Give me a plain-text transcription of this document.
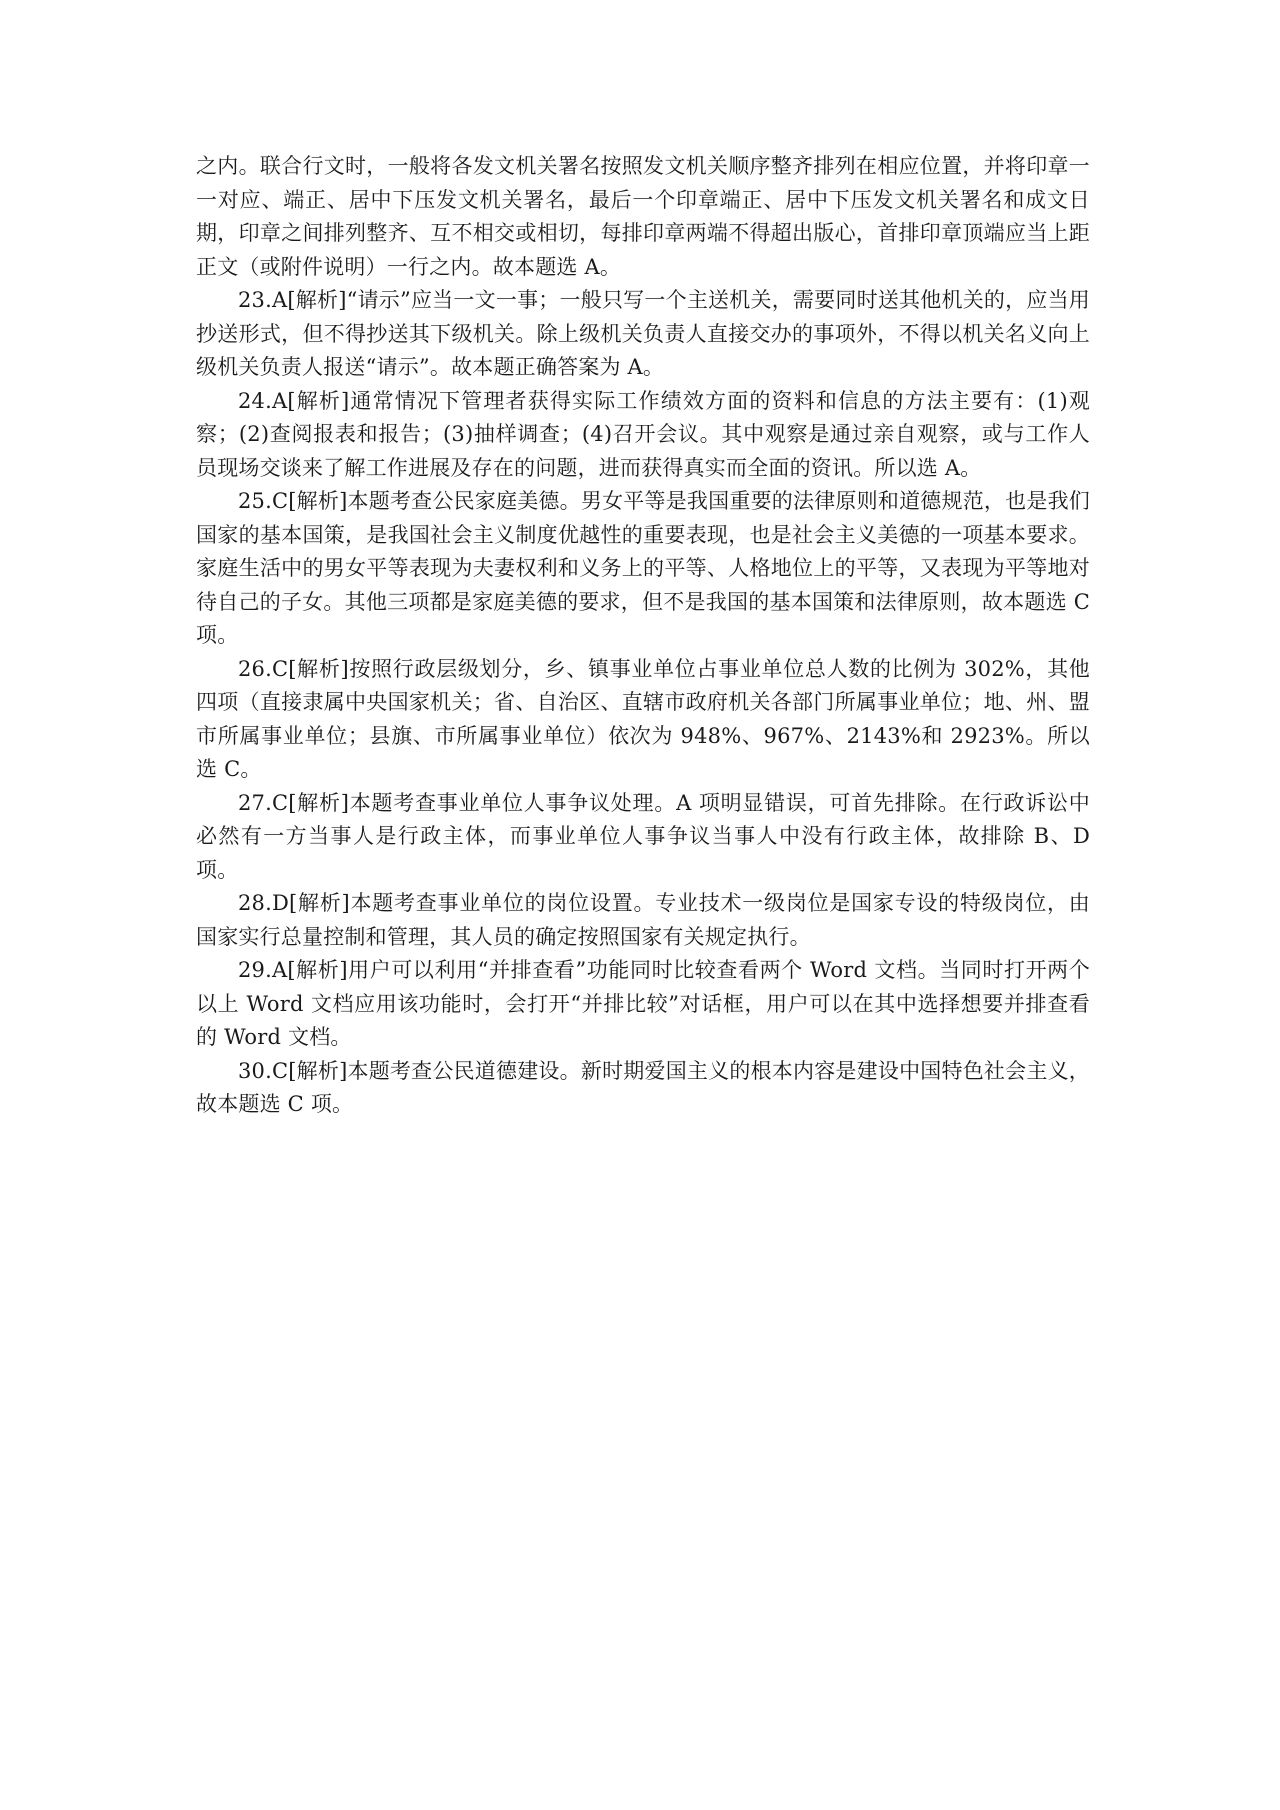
之内。联合行文时，一般将各发文机关署名按照发文机关顺序整齐排列在相应位置，并将印章一一对应、端正、居中下压发文机关署名，最后一个印章端正、居中下压发文机关署名和成文日期，印章之间排列整齐、互不相交或相切，每排印章两端不得超出版心，首排印章顶端应当上距正文（或附件说明）一行之内。故本题选 A。

23.A[解析]“请示”应当一文一事；一般只写一个主送机关，需要同时送其他机关的，应当用抄送形式，但不得抄送其下级机关。除上级机关负责人直接交办的事项外，不得以机关名义向上级机关负责人报送“请示”。故本题正确答案为 A。

24.A[解析]通常情况下管理者获得实际工作绩效方面的资料和信息的方法主要有：(1)观察；(2)查阅报表和报告；(3)抽样调查；(4)召开会议。其中观察是通过亲自观察，或与工作人员现场交谈来了解工作进展及存在的问题，进而获得真实而全面的资讯。所以选 A。

25.C[解析]本题考查公民家庭美德。男女平等是我国重要的法律原则和道德规范，也是我们国家的基本国策，是我国社会主义制度优越性的重要表现，也是社会主义美德的一项基本要求。家庭生活中的男女平等表现为夫妻权利和义务上的平等、人格地位上的平等，又表现为平等地对待自己的子女。其他三项都是家庭美德的要求，但不是我国的基本国策和法律原则，故本题选 C 项。

26.C[解析]按照行政层级划分，乡、镇事业单位占事业单位总人数的比例为 302%，其他四项（直接隶属中央国家机关；省、自治区、直辖市政府机关各部门所属事业单位；地、州、盟市所属事业单位；县旗、市所属事业单位）依次为 948%、967%、2143%和 2923%。所以选 C。

27.C[解析]本题考查事业单位人事争议处理。A 项明显错误，可首先排除。在行政诉讼中必然有一方当事人是行政主体，而事业单位人事争议当事人中没有行政主体，故排除 B、D 项。

28.D[解析]本题考查事业单位的岗位设置。专业技术一级岗位是国家专设的特级岗位，由国家实行总量控制和管理，其人员的确定按照国家有关规定执行。

29.A[解析]用户可以利用“并排查看”功能同时比较查看两个 Word 文档。当同时打开两个以上 Word 文档应用该功能时，会打开“并排比较”对话框，用户可以在其中选择想要并排查看的 Word 文档。

30.C[解析]本题考查公民道德建设。新时期爱国主义的根本内容是建设中国特色社会主义，故本题选 C 项。
